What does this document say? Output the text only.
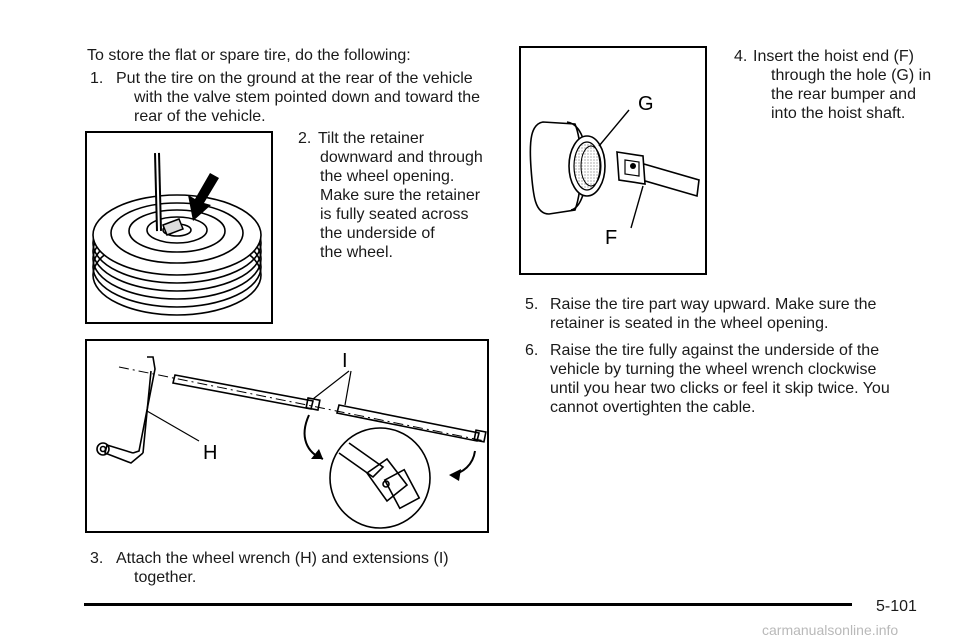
To store the flat or spare tire, do the following:
1. Put the tire on the ground at the rear of the vehicle
with the valve stem pointed down and toward the
rear of the vehicle.
2. Tilt the retainer
downward and through
the wheel opening.
Make sure the retainer
is fully seated across
the underside of
the wheel.
I
H
3. Attach the wheel wrench (H) and extensions (I)
together.
G
F
4. Insert the hoist end (F)
through the hole (G) in
the rear bumper and
into the hoist shaft.
5. Raise the tire part way upward. Make sure the
retainer is seated in the wheel opening.
6. Raise the tire fully against the underside of the
vehicle by turning the wheel wrench clockwise
until you hear two clicks or feel it skip twice. You
cannot overtighten the cable.
5-101
carmanualsonline.info
